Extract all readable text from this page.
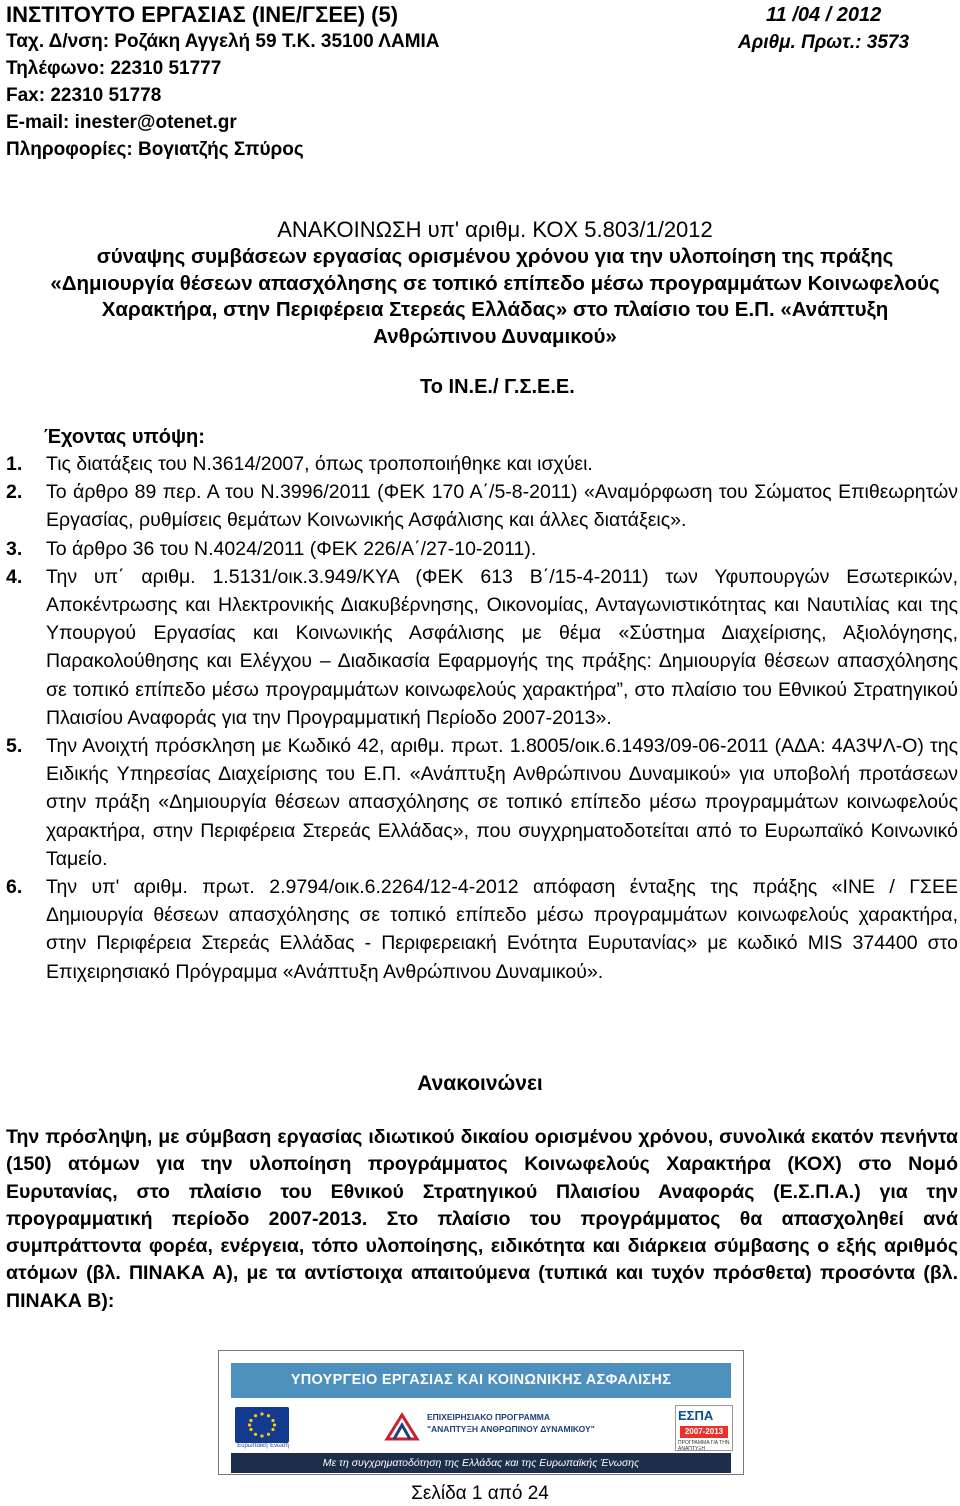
ΙΝΣΤΙΤΟΥΤΟ ΕΡΓΑΣΙΑΣ (ΙΝΕ/ΓΣΕΕ) (5)
Ταχ. Δ/νση: Ροζάκη Αγγελή 59 Τ.Κ. 35100 ΛΑΜΙΑ
Τηλέφωνο: 22310 51777
Fax: 22310 51778
E-mail: inester@otenet.gr
Πληροφορίες: Βογιατζής Σπύρος
11 /04 / 2012
Αριθμ. Πρωτ.: 3573
ΑΝΑΚΟΙΝΩΣΗ υπ' αριθμ. ΚΟΧ 5.803/1/2012
σύναψης συμβάσεων εργασίας ορισμένου χρόνου για την υλοποίηση της πράξης
«Δημιουργία θέσεων απασχόλησης σε τοπικό επίπεδο μέσω προγραμμάτων Κοινωφελούς
Χαρακτήρα, στην Περιφέρεια Στερεάς Ελλάδας» στο πλαίσιο του Ε.Π. «Ανάπτυξη
Ανθρώπινου Δυναμικού»
Το ΙΝ.Ε./ Γ.Σ.Ε.Ε.
Έχοντας υπόψη:
1.	Τις διατάξεις του Ν.3614/2007, όπως τροποποιήθηκε και ισχύει.
2.	Το άρθρο 89 περ. Α του Ν.3996/2011 (ΦΕΚ 170 Α΄/5-8-2011) «Αναμόρφωση του Σώματος Επιθεωρητών Εργασίας, ρυθμίσεις θεμάτων Κοινωνικής Ασφάλισης και άλλες διατάξεις».
3.	Το άρθρο 36 του Ν.4024/2011 (ΦΕΚ 226/Α΄/27-10-2011).
4.	Την υπ΄ αριθμ. 1.5131/οικ.3.949/ΚΥΑ (ΦΕΚ 613 Β΄/15-4-2011) των Υφυπουργών Εσωτερικών, Αποκέντρωσης και Ηλεκτρονικής Διακυβέρνησης, Οικονομίας, Ανταγωνιστικότητας και Ναυτιλίας και της Υπουργού Εργασίας και Κοινωνικής Ασφάλισης με θέμα «Σύστημα Διαχείρισης, Αξιολόγησης, Παρακολούθησης και Ελέγχου – Διαδικασία Εφαρμογής της πράξης: Δημιουργία θέσεων απασχόλησης σε τοπικό επίπεδο μέσω προγραμμάτων κοινωφελούς χαρακτήρα”, στο πλαίσιο του Εθνικού Στρατηγικού Πλαισίου Αναφοράς για την Προγραμματική Περίοδο 2007-2013».
5.	Την Ανοιχτή πρόσκληση με Κωδικό 42, αριθμ. πρωτ. 1.8005/οικ.6.1493/09-06-2011 (ΑΔΑ: 4Α3ΨΛ-Ο) της Ειδικής Υπηρεσίας Διαχείρισης του Ε.Π. «Ανάπτυξη Ανθρώπινου Δυναμικού» για υποβολή προτάσεων στην πράξη «Δημιουργία θέσεων απασχόλησης σε τοπικό επίπεδο μέσω προγραμμάτων κοινωφελούς χαρακτήρα, στην Περιφέρεια Στερεάς Ελλάδας», που συγχρηματοδοτείται από το Ευρωπαϊκό Κοινωνικό Ταμείο.
6.	Την υπ' αριθμ. πρωτ. 2.9794/οικ.6.2264/12-4-2012 απόφαση ένταξης της πράξης «ΙΝΕ / ΓΣΕΕ Δημιουργία θέσεων απασχόλησης σε τοπικό επίπεδο μέσω προγραμμάτων κοινωφελούς χαρακτήρα, στην Περιφέρεια Στερεάς Ελλάδας - Περιφερειακή Ενότητα Ευρυτανίας» με κωδικό MIS 374400 στο Επιχειρησιακό Πρόγραμμα «Ανάπτυξη Ανθρώπινου Δυναμικού».
Ανακοινώνει
Την πρόσληψη, με σύμβαση εργασίας ιδιωτικού δικαίου ορισμένου χρόνου, συνολικά εκατόν πενήντα (150) ατόμων για την υλοποίηση προγράμματος Κοινωφελούς Χαρακτήρα (ΚΟΧ) στο Νομό Ευρυτανίας, στο πλαίσιο του Εθνικού Στρατηγικού Πλαισίου Αναφοράς (Ε.Σ.Π.Α.) για την προγραμματική περίοδο 2007-2013. Στο πλαίσιο του προγράμματος θα απασχοληθεί ανά συμπράττοντα φορέα, ενέργεια, τόπο υλοποίησης, ειδικότητα και διάρκεια σύμβασης ο εξής αριθμός ατόμων (βλ. ΠΙΝΑΚΑ Α), με τα αντίστοιχα απαιτούμενα (τυπικά και τυχόν πρόσθετα) προσόντα (βλ. ΠΙΝΑΚΑ Β):
ΥΠΟΥΡΓΕΙΟ ΕΡΓΑΣΙΑΣ ΚΑΙ ΚΟΙΝΩΝΙΚΗΣ ΑΣΦΑΛΙΣΗΣ
Ευρωπαϊκή Ένωση
ΕΠΙΧΕΙΡΗΣΙΑΚΟ ΠΡΟΓΡΑΜΜΑ
"ΑΝΑΠΤΥΞΗ ΑΝΘΡΩΠΙΝΟΥ ΔΥΝΑΜΙΚΟΥ"
ΕΣΠΑ
2007-2013
ΠΡΟΓΡΑΜΜΑ ΓΙΑ ΤΗΝ ΑΝΑΠΤΥΞΗ
Με τη συγχρηματοδότηση της Ελλάδας και της Ευρωπαϊκής Ένωσης
Σελίδα 1 από 24
